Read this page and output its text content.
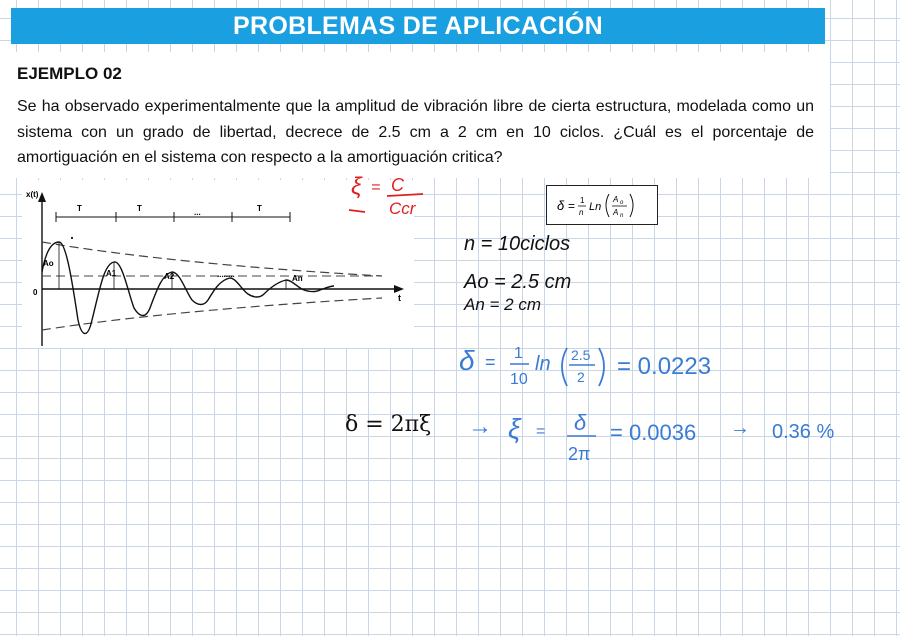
PROBLEMAS DE APLICACIÓN
EJEMPLO 02
Se ha observado experimentalmente que la amplitud de vibración libre de cierta estructura, modelada como un sistema con un grado de libertad, decrece de 2.5 cm a 2 cm en 10 ciclos. ¿Cuál es el porcentaje de amortiguación en el sistema con respecto a la amortiguación critica?
x(t)
t
0
T	T	...	T
Ao
A1	A2	........	An
ξ = C
Ccr	δ = 1
n Ln
A o
A n
n = 10ciclos
Ao = 2.5 cm
An = 2 cm
δ = 1
10
ln 2.5
2 = 0.0223
δ = 2πξ → ξ = δ
2π
= 0.0036 → 0.36 %
